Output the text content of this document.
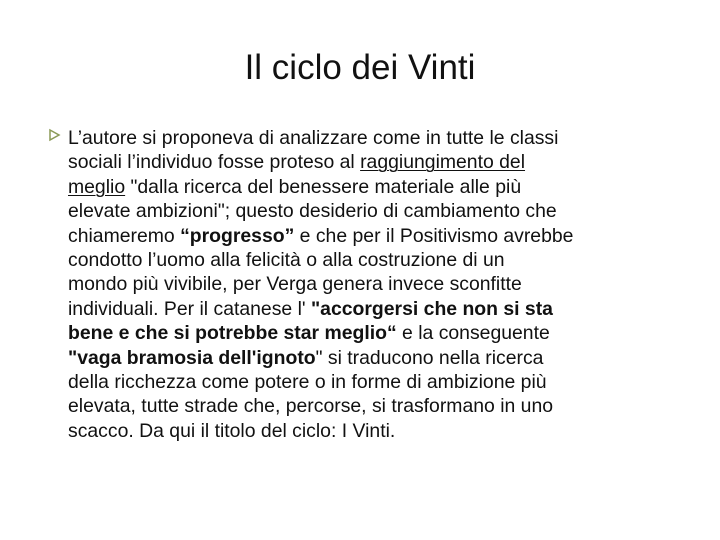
Il ciclo dei Vinti
L’autore si proponeva di analizzare come in tutte le classi
sociali l’individuo fosse proteso al raggiungimento del
meglio "dalla ricerca del benessere materiale alle più
elevate ambizioni"; questo desiderio di cambiamento che
chiameremo “progresso” e che per il Positivismo avrebbe
condotto l’uomo alla felicità o alla costruzione di un
mondo più vivibile, per Verga genera invece sconfitte
individuali. Per il catanese l' "accorgersi che non si sta
bene e che si potrebbe star meglio“ e la conseguente
"vaga bramosia dell'ignoto" si traducono nella ricerca
della ricchezza come potere o in forme di ambizione più
elevata, tutte strade che, percorse, si trasformano in uno
scacco. Da qui il titolo del ciclo: I Vinti.
